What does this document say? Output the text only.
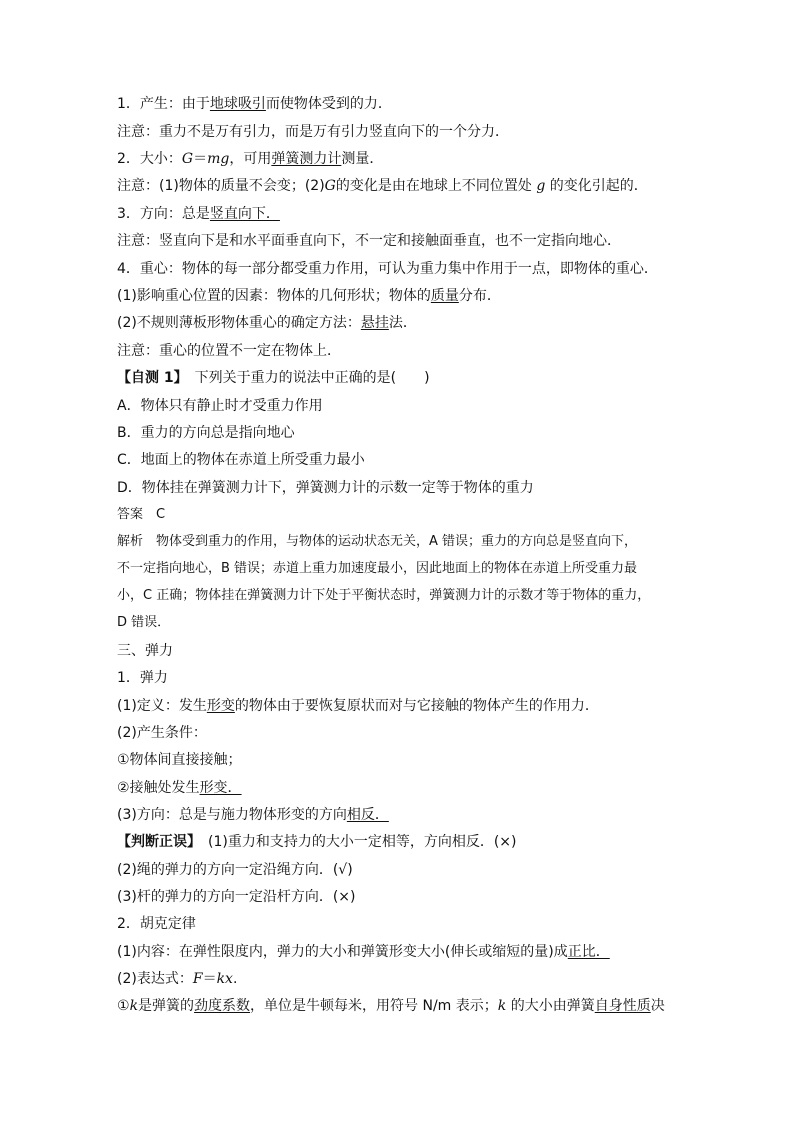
1．产生：由于地球吸引而使物体受到的力．
注意：重力不是万有引力，而是万有引力竖直向下的一个分力．
2．大小：G＝mg，可用弹簧测力计测量．
注意：(1)物体的质量不会变；(2)G的变化是由在地球上不同位置处 g 的变化引起的．
3．方向：总是竖直向下．
注意：竖直向下是和水平面垂直向下，不一定和接触面垂直，也不一定指向地心．
4．重心：物体的每一部分都受重力作用，可认为重力集中作用于一点，即物体的重心．
(1)影响重心位置的因素：物体的几何形状；物体的质量分布．
(2)不规则薄板形物体重心的确定方法：悬挂法．
注意：重心的位置不一定在物体上．
【自测 1】　下列关于重力的说法中正确的是(　　)
A．物体只有静止时才受重力作用
B．重力的方向总是指向地心
C．地面上的物体在赤道上所受重力最小
D．物体挂在弹簧测力计下，弹簧测力计的示数一定等于物体的重力
答案　C
解析　物体受到重力的作用，与物体的运动状态无关，A 错误；重力的方向总是竖直向下，
不一定指向地心，B 错误；赤道上重力加速度最小，因此地面上的物体在赤道上所受重力最
小，C 正确；物体挂在弹簧测力计下处于平衡状态时，弹簧测力计的示数才等于物体的重力，
D 错误．
三、弹力
1．弹力
(1)定义：发生形变的物体由于要恢复原状而对与它接触的物体产生的作用力．
(2)产生条件：
①物体间直接接触；
②接触处发生形变．
(3)方向：总是与施力物体形变的方向相反．
【判断正误】　(1)重力和支持力的大小一定相等，方向相反．(×)
(2)绳的弹力的方向一定沿绳方向．(√)
(3)杆的弹力的方向一定沿杆方向．(×)
2．胡克定律
(1)内容：在弹性限度内，弹力的大小和弹簧形变大小(伸长或缩短的量)成正比．
(2)表达式：F＝kx.
①k是弹簧的劲度系数，单位是牛顿每米，用符号 N/m 表示；k 的大小由弹簧自身性质决
